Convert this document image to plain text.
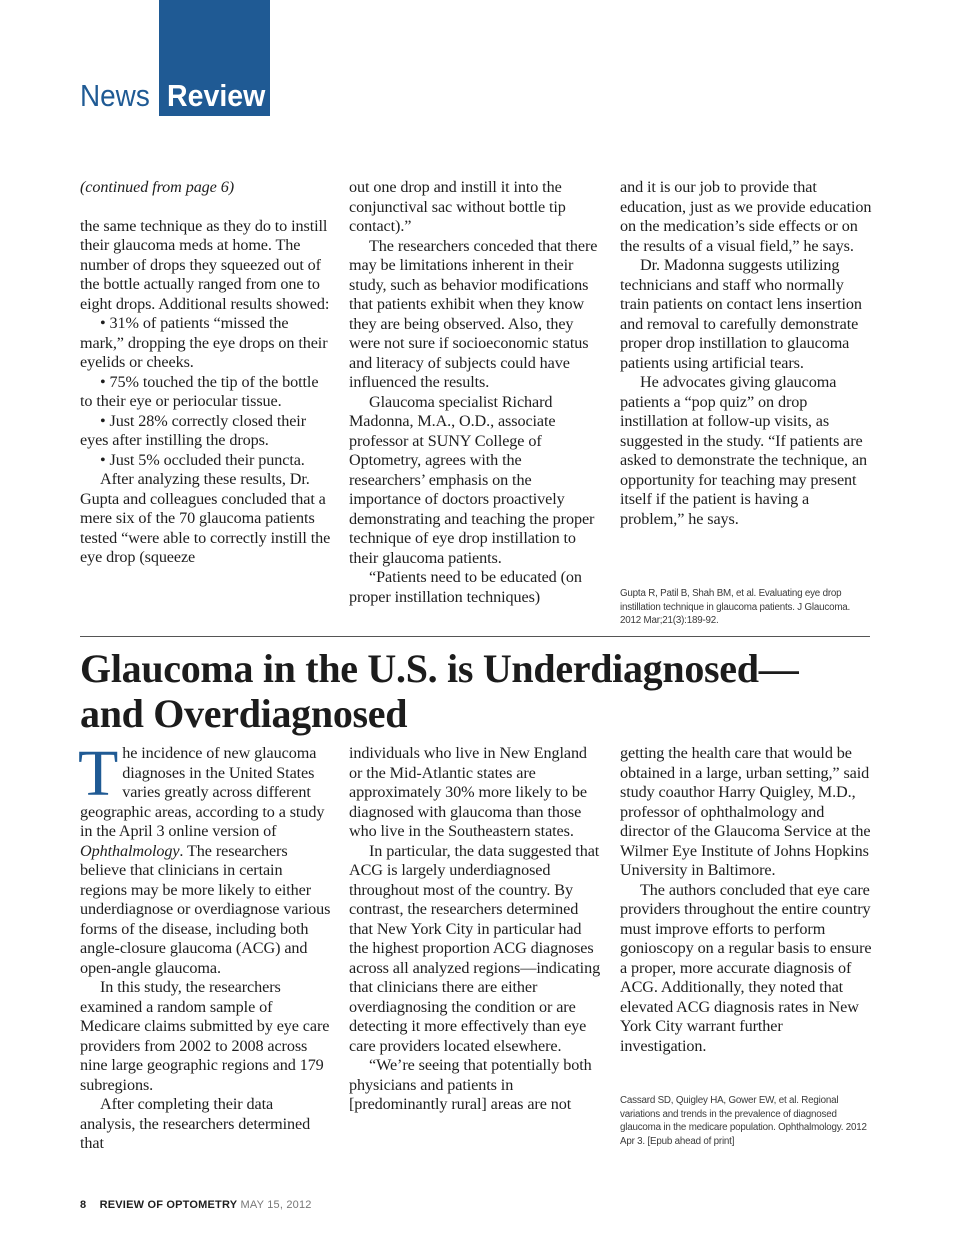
News Review

(continued from page 6)

the same technique as they do to instill their glaucoma meds at home. The number of drops they squeezed out of the bottle actually ranged from one to eight drops. Additional results showed:

• 31% of patients “missed the mark,” dropping the eye drops on their eyelids or cheeks.

• 75% touched the tip of the bottle to their eye or periocular tissue.

• Just 28% correctly closed their eyes after instilling the drops.

• Just 5% occluded their puncta.

After analyzing these results, Dr. Gupta and colleagues concluded that a mere six of the 70 glaucoma patients tested “were able to correctly instill the eye drop (squeeze

out one drop and instill it into the conjunctival sac without bottle tip contact).”

The researchers conceded that there may be limitations inherent in their study, such as behavior modifications that patients exhibit when they know they are being observed. Also, they were not sure if socioeconomic status and literacy of subjects could have influenced the results.

Glaucoma specialist Richard Madonna, M.A., O.D., associate professor at SUNY College of Optometry, agrees with the researchers’ emphasis on the importance of doctors proactively demonstrating and teaching the proper technique of eye drop instillation to their glaucoma patients.

“Patients need to be educated (on proper instillation techniques)

and it is our job to provide that education, just as we provide education on the medication’s side effects or on the results of a visual field,” he says.

Dr. Madonna suggests utilizing technicians and staff who normally train patients on contact lens insertion and removal to carefully demonstrate proper drop instillation to glaucoma patients using artificial tears.

He advocates giving glaucoma patients a “pop quiz” on drop instillation at follow-up visits, as suggested in the study. “If patients are asked to demonstrate the technique, an opportunity for teaching may present itself if the patient is having a problem,” he says.

Gupta R, Patil B, Shah BM, et al. Evaluating eye drop instillation technique in glaucoma patients. J Glaucoma. 2012 Mar;21(3):189-92.
Glaucoma in the U.S. is Underdiagnosed—
and Overdiagnosed

The incidence of new glaucoma diagnoses in the United States varies greatly across different geographic areas, according to a study in the April 3 online version of Ophthalmology. The researchers believe that clinicians in certain regions may be more likely to either underdiagnose or overdiagnose various forms of the disease, including both angle-closure glaucoma (ACG) and open-angle glaucoma.

In this study, the researchers examined a random sample of Medicare claims submitted by eye care providers from 2002 to 2008 across nine large geographic regions and 179 subregions.

After completing their data analysis, the researchers determined that

individuals who live in New England or the Mid-Atlantic states are approximately 30% more likely to be diagnosed with glaucoma than those who live in the Southeastern states.

In particular, the data suggested that ACG is largely underdiagnosed throughout most of the country. By contrast, the researchers determined that New York City in particular had the highest proportion ACG diagnoses across all analyzed regions—indicating that clinicians there are either overdiagnosing the condition or are detecting it more effectively than eye care providers located elsewhere.

“We’re seeing that potentially both physicians and patients in [predominantly rural] areas are not

getting the health care that would be obtained in a large, urban setting,” said study coauthor Harry Quigley, M.D., professor of ophthalmology and director of the Glaucoma Service at the Wilmer Eye Institute of Johns Hopkins University in Baltimore.

The authors concluded that eye care providers throughout the entire country must improve efforts to perform gonioscopy on a regular basis to ensure a proper, more accurate diagnosis of ACG. Additionally, they noted that elevated ACG diagnosis rates in New York City warrant further investigation.

Cassard SD, Quigley HA, Gower EW, et al. Regional variations and trends in the prevalence of diagnosed glaucoma in the medicare population. Ophthalmology. 2012 Apr 3. [Epub ahead of print]
8 REVIEW OF OPTOMETRY MAY 15, 2012
